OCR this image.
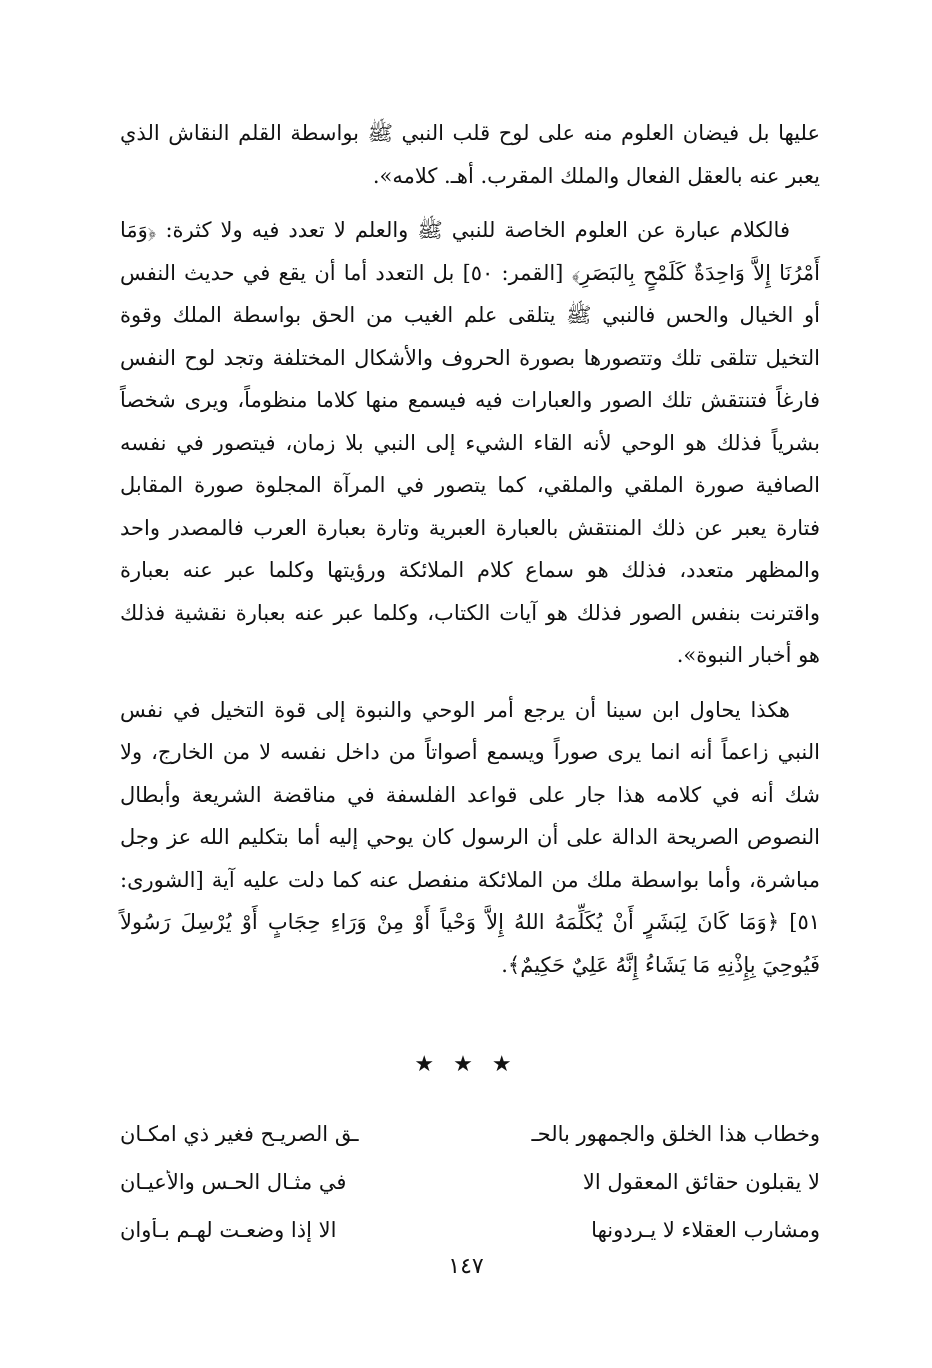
عليها بل فيضان العلوم منه على لوح قلب النبي ﷺ بواسطة القلم النقاش الذي يعبر عنه بالعقل الفعال والملك المقرب. أهـ. كلامه».

فالكلام عبارة عن العلوم الخاصة للنبي ﷺ والعلم لا تعدد فيه ولا كثرة: ﴿وَمَا أَمْرُنَا إِلاَّ وَاحِدَةٌ كَلَمْحٍ بِالبَصَرِ﴾ [القمر: ٥٠] بل التعدد أما أن يقع في حديث النفس أو الخيال والحس فالنبي ﷺ يتلقى علم الغيب من الحق بواسطة الملك وقوة التخيل تتلقى تلك وتتصورها بصورة الحروف والأشكال المختلفة وتجد لوح النفس فارغاً فتنتقش تلك الصور والعبارات فيه فيسمع منها كلاما منظوماً، ويرى شخصاً بشرياً فذلك هو الوحي لأنه القاء الشيء إلى النبي بلا زمان، فيتصور في نفسه الصافية صورة الملقي والملقي، كما يتصور في المرآة المجلوة صورة المقابل فتارة يعبر عن ذلك المنتقش بالعبارة العبرية وتارة بعبارة العرب فالمصدر واحد والمظهر متعدد، فذلك هو سماع كلام الملائكة ورؤيتها وكلما عبر عنه بعبارة واقترنت بنفس الصور فذلك هو آيات الكتاب، وكلما عبر عنه بعبارة نقشية فذلك هو أخبار النبوة».

هكذا يحاول ابن سينا أن يرجع أمر الوحي والنبوة إلى قوة التخيل في نفس النبي زاعماً أنه انما يرى صوراً ويسمع أصواتاً من داخل نفسه لا من الخارج، ولا شك أنه في كلامه هذا جار على قواعد الفلسفة في مناقضة الشريعة وأبطال النصوص الصريحة الدالة على أن الرسول كان يوحي إليه أما بتكليم الله عز وجل مباشرة، وأما بواسطة ملك من الملائكة منفصل عنه كما دلت عليه آية [الشورى: ٥١] ﴿وَمَا كَانَ لِبَشَرٍ أَنْ يُكَلِّمَهُ اللهُ إِلاَّ وَحْياً أَوْ مِنْ وَرَاءِ حِجَابٍ أَوْ يُرْسِلَ رَسُولاً فَيُوحِيَ بِإِذْنِهِ مَا يَشَاءُ إِنَّهُ عَلِيٌ حَكِيمٌ﴾.

★ ★ ★
وخطاب هذا الخلق والجمهور بالحـ
ـق الصريـح فغير ذي امكـان
لا يقبلون حقائق المعقول الا
في مثـال الحـس والأعيـان
ومشارب العقلاء لا يـردونها
الا إذا وضعـت لهـم بـأوان
١٤٧
